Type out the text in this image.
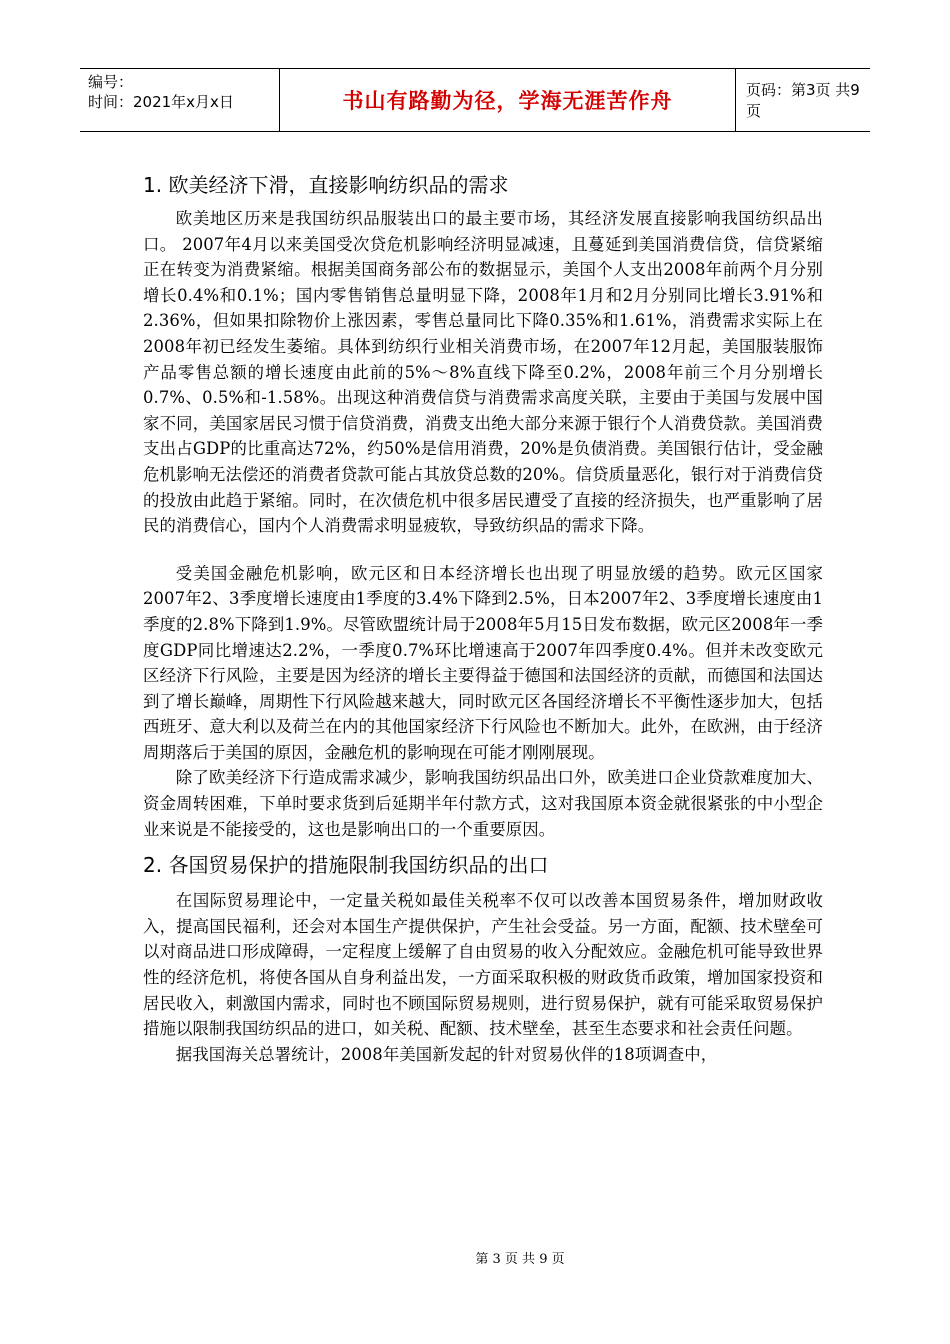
编号：
时间：2021年x月x日	书山有路勤为径，学海无涯苦作舟	页码：第3页 共9页
1. 欧美经济下滑，直接影响纺织品的需求

欧美地区历来是我国纺织品服装出口的最主要市场，其经济发展直接影响我国纺织品出口。 2007年4月以来美国受次贷危机影响经济明显减速，且蔓延到美国消费信贷，信贷紧缩正在转变为消费紧缩。根据美国商务部公布的数据显示，美国个人支出2008年前两个月分别增长0.4%和0.1%；国内零售销售总量明显下降，2008年1月和2月分别同比增长3.91%和2.36%，但如果扣除物价上涨因素，零售总量同比下降0.35%和1.61%，消费需求实际上在2008年初已经发生萎缩。具体到纺织行业相关消费市场，在2007年12月起，美国服装服饰产品零售总额的增长速度由此前的5%～8%直线下降至0.2%，2008年前三个月分别增长0.7%、0.5%和-1.58%。出现这种消费信贷与消费需求高度关联，主要由于美国与发展中国家不同，美国家居民习惯于信贷消费，消费支出绝大部分来源于银行个人消费贷款。美国消费支出占GDP的比重高达72%，约50%是信用消费，20%是负债消费。美国银行估计，受金融危机影响无法偿还的消费者贷款可能占其放贷总数的20%。信贷质量恶化，银行对于消费信贷的投放由此趋于紧缩。同时，在次债危机中很多居民遭受了直接的经济损失，也严重影响了居民的消费信心，国内个人消费需求明显疲软，导致纺织品的需求下降。

受美国金融危机影响，欧元区和日本经济增长也出现了明显放缓的趋势。欧元区国家2007年2、3季度增长速度由1季度的3.4%下降到2.5%，日本2007年2、3季度增长速度由1季度的2.8%下降到1.9%。尽管欧盟统计局于2008年5月15日发布数据，欧元区2008年一季度GDP同比增速达2.2%，一季度0.7%环比增速高于2007年四季度0.4%。但并未改变欧元区经济下行风险，主要是因为经济的增长主要得益于德国和法国经济的贡献，而德国和法国达到了增长巅峰，周期性下行风险越来越大，同时欧元区各国经济增长不平衡性逐步加大，包括西班牙、意大利以及荷兰在内的其他国家经济下行风险也不断加大。此外，在欧洲，由于经济周期落后于美国的原因，金融危机的影响现在可能才刚刚展现。

除了欧美经济下行造成需求减少，影响我国纺织品出口外，欧美进口企业贷款难度加大、资金周转困难，下单时要求货到后延期半年付款方式，这对我国原本资金就很紧张的中小型企业来说是不能接受的，这也是影响出口的一个重要原因。

2. 各国贸易保护的措施限制我国纺织品的出口

在国际贸易理论中，一定量关税如最佳关税率不仅可以改善本国贸易条件，增加财政收入，提高国民福利，还会对本国生产提供保护，产生社会受益。另一方面，配额、技术壁垒可以对商品进口形成障碍，一定程度上缓解了自由贸易的收入分配效应。金融危机可能导致世界性的经济危机，将使各国从自身利益出发，一方面采取积极的财政货币政策，增加国家投资和居民收入，刺激国内需求，同时也不顾国际贸易规则，进行贸易保护，就有可能采取贸易保护措施以限制我国纺织品的进口，如关税、配额、技术壁垒，甚至生态要求和社会责任问题。

据我国海关总署统计，2008年美国新发起的针对贸易伙伴的18项调查中，

第 3 页 共 9 页
